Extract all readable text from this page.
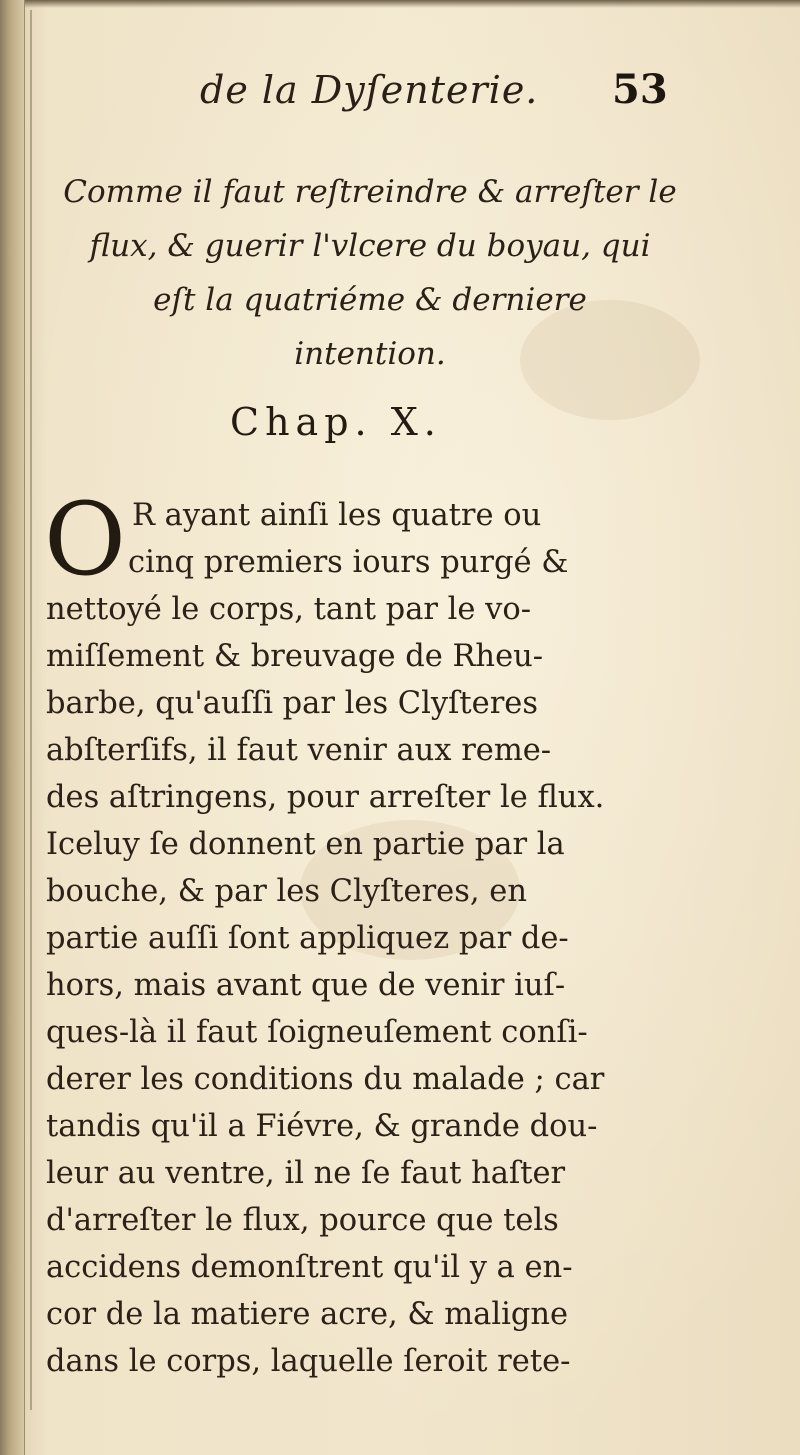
de la Dyſenterie. 53
Comme il faut reſtreindre & arreſter le
flux, & guerir l'vlcere du boyau, qui
eſt la quatriéme & derniere
intention.
Chap. X.
O R ayant ainſi les quatre ou
cinq premiers iours purgé &
nettoyé le corps, tant par le vo-
miſſement & breuvage de Rheu-
barbe, qu'auſſi par les Clyſteres
abſterſifs, il faut venir aux reme-
des aſtringens, pour arreſter le flux.
Iceluy ſe donnent en partie par la
bouche, & par les Clyſteres, en
partie auſſi ſont appliquez par de-
hors, mais avant que de venir iuſ-
ques-là il faut ſoigneuſement conſi-
derer les conditions du malade ; car
tandis qu'il a Fiévre, & grande dou-
leur au ventre, il ne ſe faut haſter
d'arreſter le flux, pource que tels
accidens demonſtrent qu'il y a en-
cor de la matiere acre, & maligne
dans le corps, laquelle ſeroit rete-
